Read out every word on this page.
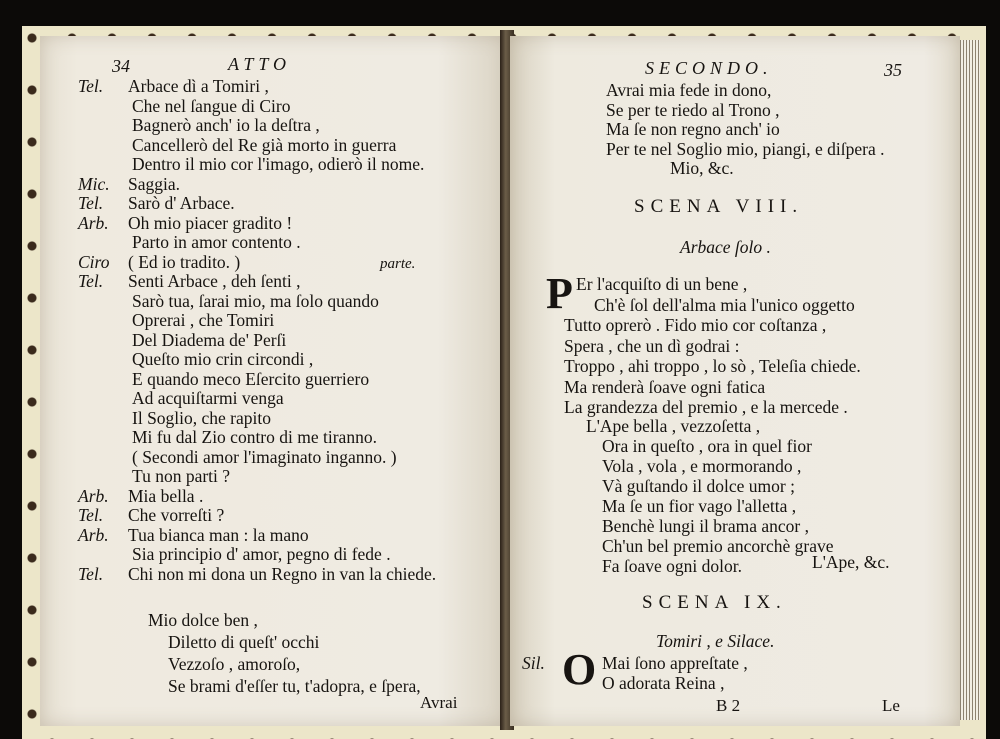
34	ATTO
Tel. Arbace dì a Tomiri ,
Che nel ſangue di Ciro
Bagnerò anch' io la deſtra ,
Cancellerò del Re già morto in guerra
Dentro il mio cor l'imago, odierò il nome.
Mic. Saggia.
Tel. Sarò d' Arbace.
Arb. Oh mio piacer gradito !
Parto in amor contento .
Ciro ( Ed io tradito. )
Tel. Senti Arbace , deh ſenti ,
Sarò tua, ſarai mio, ma ſolo quando
Oprerai , che Tomiri
Del Diadema de' Perſi
Queſto mio crin circondi ,
E quando meco Eſercito guerriero
Ad acquiſtarmi venga
Il Soglio, che rapito
Mi fu dal Zio contro di me tiranno.
( Secondi amor l'imaginato inganno. )
Tu non parti ?
Arb. Mia bella .
Tel. Che vorreſti ?
Arb. Tua bianca man : la mano
Sia principio d' amor, pegno di fede .
Tel. Chi non mi dona un Regno in van la chiede.
parte.
Mio dolce ben ,
Diletto di queſt' occhi
Vezzoſo , amoroſo,
Se brami d'eſſer tu, t'adopra, e ſpera,
Avrai
SECONDO.	35
Avrai mia fede in dono,
Se per te riedo al Trono ,
Ma ſe non regno anch' io
Per te nel Soglio mio, piangi, e diſpera .
Mio, &c.
SCENA VIII.
Arbace ſolo .
P Er l'acquiſto di un bene ,
Ch'è ſol dell'alma mia l'unico oggetto
Tutto oprerò . Fido mio cor coſtanza ,
Spera , che un dì godrai :
Troppo , ahi troppo , lo sò , Teleſia chiede.
Ma renderà ſoave ogni fatica
La grandezza del premio , e la mercede .
L'Ape bella , vezzoſetta ,
Ora in queſto , ora in quel fior
Vola , vola , e mormorando ,
Và guſtando il dolce umor ;
Ma ſe un fior vago l'alletta ,
Benchè lungi il brama ancor ,
Ch'un bel premio ancorchè grave
Fa ſoave ogni dolor.	L'Ape, &c.
SCENA IX.
Tomiri , e Silace.
Sil. O Mai ſono appreſtate ,
O adorata Reina ,
B 2	Le
